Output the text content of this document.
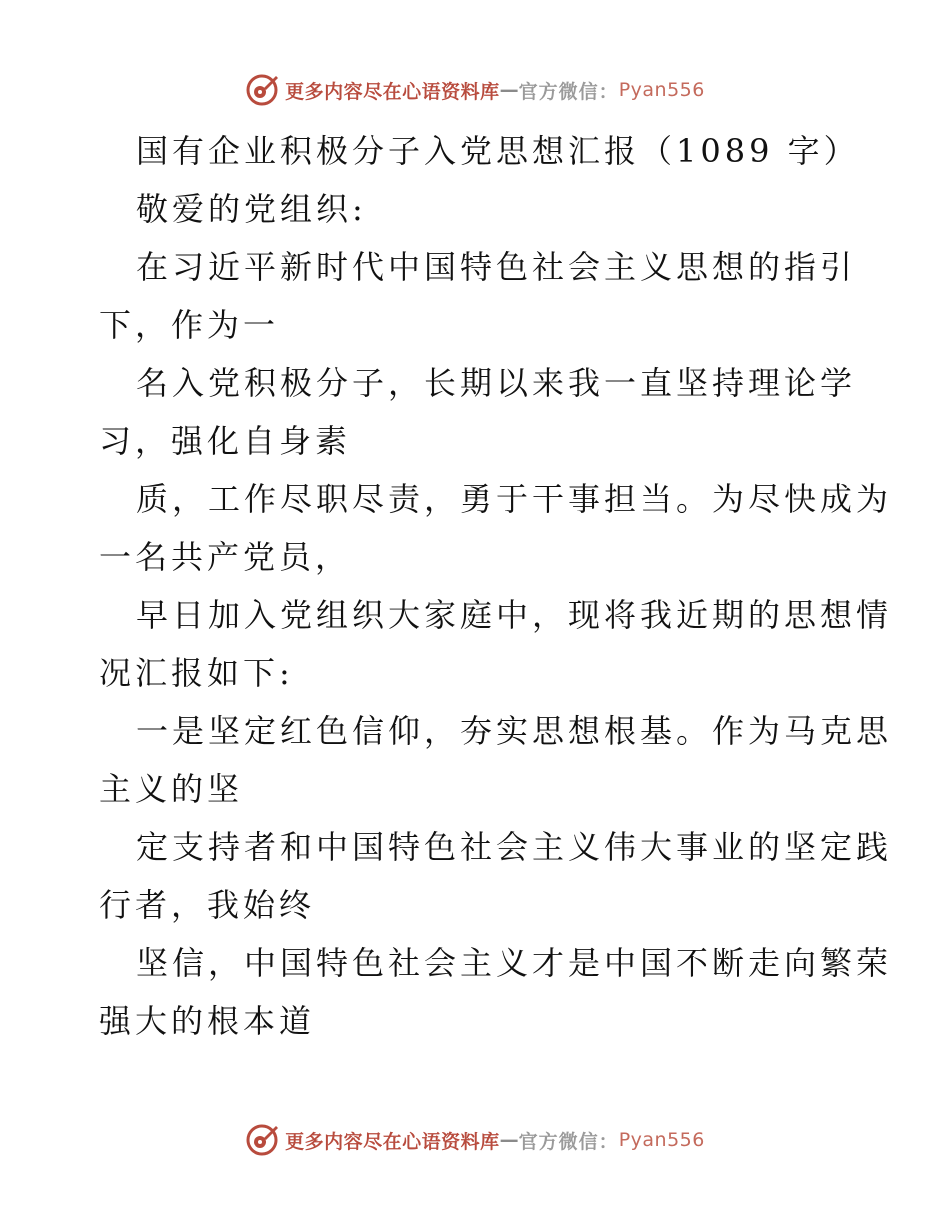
更多内容尽在心语资料库 — 官方微信： Pyan556
国有企业积极分子入党思想汇报（1089 字）
敬爱的党组织:
在习近平新时代中国特色社会主义思想的指引
下，作为一
名入党积极分子，长期以来我一直坚持理论学
习，强化自身素
质，工作尽职尽责，勇于干事担当。为尽快成为
一名共产党员，
早日加入党组织大家庭中，现将我近期的思想情
况汇报如下:
一是坚定红色信仰，夯实思想根基。作为马克思
主义的坚
定支持者和中国特色社会主义伟大事业的坚定践
行者，我始终
坚信，中国特色社会主义才是中国不断走向繁荣
强大的根本道
更多内容尽在心语资料库 — 官方微信： Pyan556
